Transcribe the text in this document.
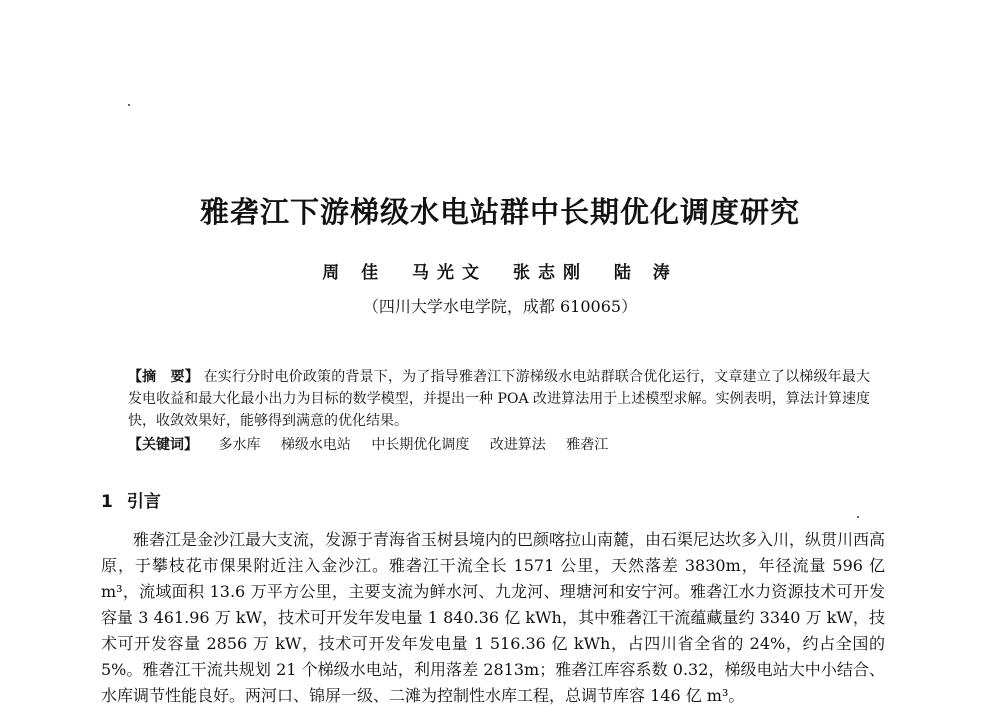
雅砻江下游梯级水电站群中长期优化调度研究
周 佳 马光文 张志刚 陆 涛
（四川大学水电学院，成都 610065）
【摘　要】 在实行分时电价政策的背景下，为了指导雅砻江下游梯级水电站群联合优化运行，文章建立了以梯级年最大发电收益和最大化最小出力为目标的数学模型，并提出一种 POA 改进算法用于上述模型求解。实例表明，算法计算速度快，收敛效果好，能够得到满意的优化结果。
【关键词】 多水库 梯级水电站 中长期优化调度 改进算法 雅砻江
1 引言
雅砻江是金沙江最大支流，发源于青海省玉树县境内的巴颜喀拉山南麓，由石渠尼达坎多入川，纵贯川西高原，于攀枝花市倮果附近注入金沙江。雅砻江干流全长 1571 公里，天然落差 3830m，年径流量 596 亿 m³，流域面积 13.6 万平方公里，主要支流为鲜水河、九龙河、理塘河和安宁河。雅砻江水力资源技术可开发容量 3 461.96 万 kW，技术可开发年发电量 1 840.36 亿 kWh，其中雅砻江干流蕴藏量约 3340 万 kW，技术可开发容量 2856 万 kW，技术可开发年发电量 1 516.36 亿 kWh，占四川省全省的 24%，约占全国的 5%。雅砻江干流共规划 21 个梯级水电站，利用落差 2813m；雅砻江库容系数 0.32，梯级电站大中小结合、水库调节性能良好。两河口、锦屏一级、二滩为控制性水库工程，总调节库容 146 亿 m³。
